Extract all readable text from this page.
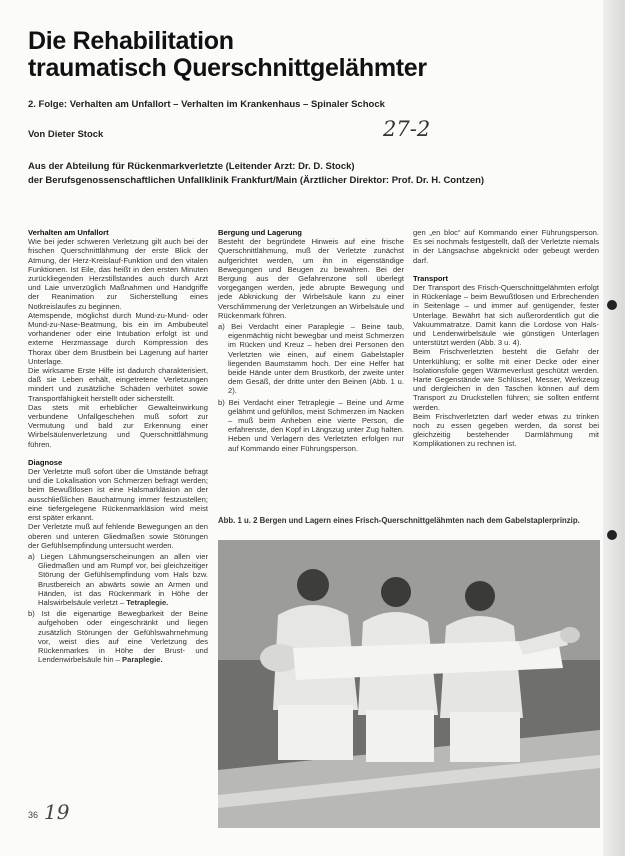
Die Rehabilitation
traumatisch Querschnittgelähmter
2. Folge: Verhalten am Unfallort – Verhalten im Krankenhaus – Spinaler Schock
27-2
Von Dieter Stock
Aus der Abteilung für Rückenmarkverletzte (Leitender Arzt: Dr. D. Stock)
der Berufsgenossenschaftlichen Unfallklinik Frankfurt/Main (Ärztlicher Direktor: Prof. Dr. H. Contzen)
Verhalten am Unfallort

Wie bei jeder schweren Verletzung gilt auch bei der frischen Querschnittlähmung der erste Blick der Atmung, der Herz-Kreislauf-Funktion und den vitalen Funktionen. Ist Eile, das heißt in den ersten Minuten zurückliegenden Herzstillstandes auch durch Arzt und Laie unverzüglich Maßnahmen und Handgriffe der Reanimation zur Sicherstellung eines Notkreislaufes zu beginnen.

Atemspende, möglichst durch Mund-zu-Mund- oder Mund-zu-Nase-Beatmung, bis ein im Ambubeutel vorhandener oder eine Intubation erfolgt ist und externe Herzmassage durch Kompression des Thorax über dem Brustbein bei Lagerung auf harter Unterlage.

Die wirksame Erste Hilfe ist dadurch charakterisiert, daß sie Leben erhält, eingetretene Verletzungen mindert und zusätzliche Schäden verhütet sowie Transportfähigkeit herstellt oder sicherstellt.

Das stets mit erheblicher Gewalteinwirkung verbundene Unfallgeschehen muß sofort zur Vermutung und bald zur Erkennung einer Wirbelsäulenverletzung und Querschnittlähmung führen.

Diagnose

Der Verletzte muß sofort über die Umstände befragt und die Lokalisation von Schmerzen befragt werden; beim Bewußtlosen ist eine Halsmarkläsion an der ausschließlichen Bauchatmung immer festzustellen; eine tiefergelegene Rückenmarkläsion wird meist erst später erkannt.

Der Verletzte muß auf fehlende Bewegungen an den oberen und unteren Gliedmaßen sowie Störungen der Gefühlsempfindung untersucht werden.

a) Liegen Lähmungserscheinungen an allen vier Gliedmaßen und am Rumpf vor, bei gleichzeitiger Störung der Gefühlsempfindung vom Hals bzw. Brustbereich an abwärts sowie an Armen und Händen, ist das Rückenmark in Höhe der Halswirbelsäule verletzt – Tetraplegie.
b) Ist die eigenartige Bewegbarkeit der Beine aufgehoben oder eingeschränkt und liegen zusätzlich Störungen der Gefühlswahrnehmung vor, weist dies auf eine Verletzung des Rückenmarkes in Höhe der Brust- und Lendenwirbelsäule hin – Paraplegie.
Bergung und Lagerung

Besteht der begründete Hinweis auf eine frische Querschnittlähmung, muß der Verletzte zunächst aufgerichtet werden, um ihn in eigenständige Bewegungen und Beugen zu bewahren. Bei der Bergung aus der Gefahrenzone soll überlegt vorgegangen werden, jede abrupte Bewegung und jede Abknickung der Wirbelsäule kann zu einer Verschlimmerung der Verletzungen an Wirbelsäule und Rückenmark führen.

a) Bei Verdacht einer Paraplegie – Beine taub, eigenmächtig nicht bewegbar und meist Schmerzen im Rücken und Kreuz – heben drei Personen den Verletzten wie einen, auf einem Gabelstapler liegenden Baumstamm hoch. Der eine Helfer hat beide Hände unter dem Brustkorb, der zweite unter dem Gesäß, der dritte unter den Beinen (Abb. 1 u. 2).
b) Bei Verdacht einer Tetraplegie – Beine und Arme gelähmt und gefühllos, meist Schmerzen im Nacken – muß beim Anheben eine vierte Person, die erfahrenste, den Kopf in Längszug unter Zug halten. Heben und Verlagern des Verletzten erfolgen nur auf Kommando einer Führungsperson.

gen „en bloc“ auf Kommando einer Führungsperson. Es sei nochmals festgestellt, daß der Verletzte niemals in der Längsachse abgeknickt oder gebeugt werden darf.

Transport

Der Transport des Frisch-Querschnittgelähmten erfolgt in Rückenlage – beim Bewußtlosen und Erbrechenden in Seitenlage – und immer auf genügender, fester Unterlage. Bewährt hat sich außerordentlich gut die Vakuummatratze. Damit kann die Lordose von Hals- und Lendenwirbelsäule wie günstigen Unterlagen unterstützt werden (Abb. 3 u. 4).

Beim Frischverletzten besteht die Gefahr der Unterkühlung; er sollte mit einer Decke oder einer Isolationsfolie gegen Wärmeverlust geschützt werden. Harte Gegenstände wie Schlüssel, Messer, Werkzeug und dergleichen in den Taschen können auf dem Transport zu Druckstellen führen; sie sollten entfernt werden.

Beim Frischverletzten darf weder etwas zu trinken noch zu essen gegeben werden, da sonst bei gleichzeitig bestehender Darmlähmung mit Komplikationen zu rechnen ist.

Abb. 1 u. 2 Bergen und Lagern eines Frisch-Querschnittgelähmten nach dem Gabelstaplerprinzip.
36 19
